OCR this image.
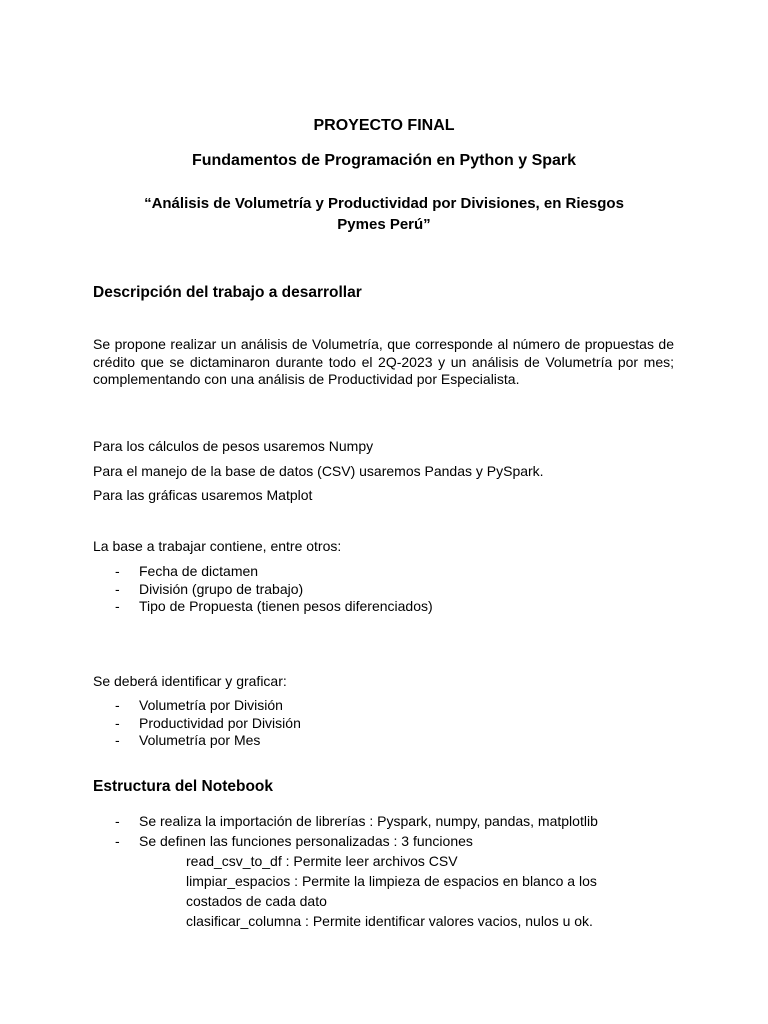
PROYECTO FINAL
Fundamentos de Programación en Python y Spark
“Análisis de Volumetría y Productividad por Divisiones, en Riesgos
Pymes Perú”
Descripción del trabajo a desarrollar
Se propone realizar un análisis de Volumetría, que corresponde al número de propuestas de crédito que se dictaminaron durante todo el 2Q-2023 y un análisis de Volumetría por mes; complementando con una análisis de Productividad por Especialista.
Para los cálculos de pesos usaremos Numpy
Para el manejo de la base de datos (CSV) usaremos Pandas y PySpark.
Para las gráficas usaremos Matplot
La base a trabajar contiene, entre otros:
- Fecha de dictamen
- División (grupo de trabajo)
- Tipo de Propuesta (tienen pesos diferenciados)
Se deberá identificar y graficar:
- Volumetría por División
- Productividad por División
- Volumetría por Mes
Estructura del Notebook
- Se realiza la importación de librerías : Pyspark, numpy, pandas, matplotlib
- Se definen las funciones personalizadas : 3 funciones
read_csv_to_df : Permite leer archivos CSV
limpiar_espacios : Permite la limpieza de espacios en blanco a los costados de cada dato
clasificar_columna : Permite identificar valores vacios, nulos u ok.
